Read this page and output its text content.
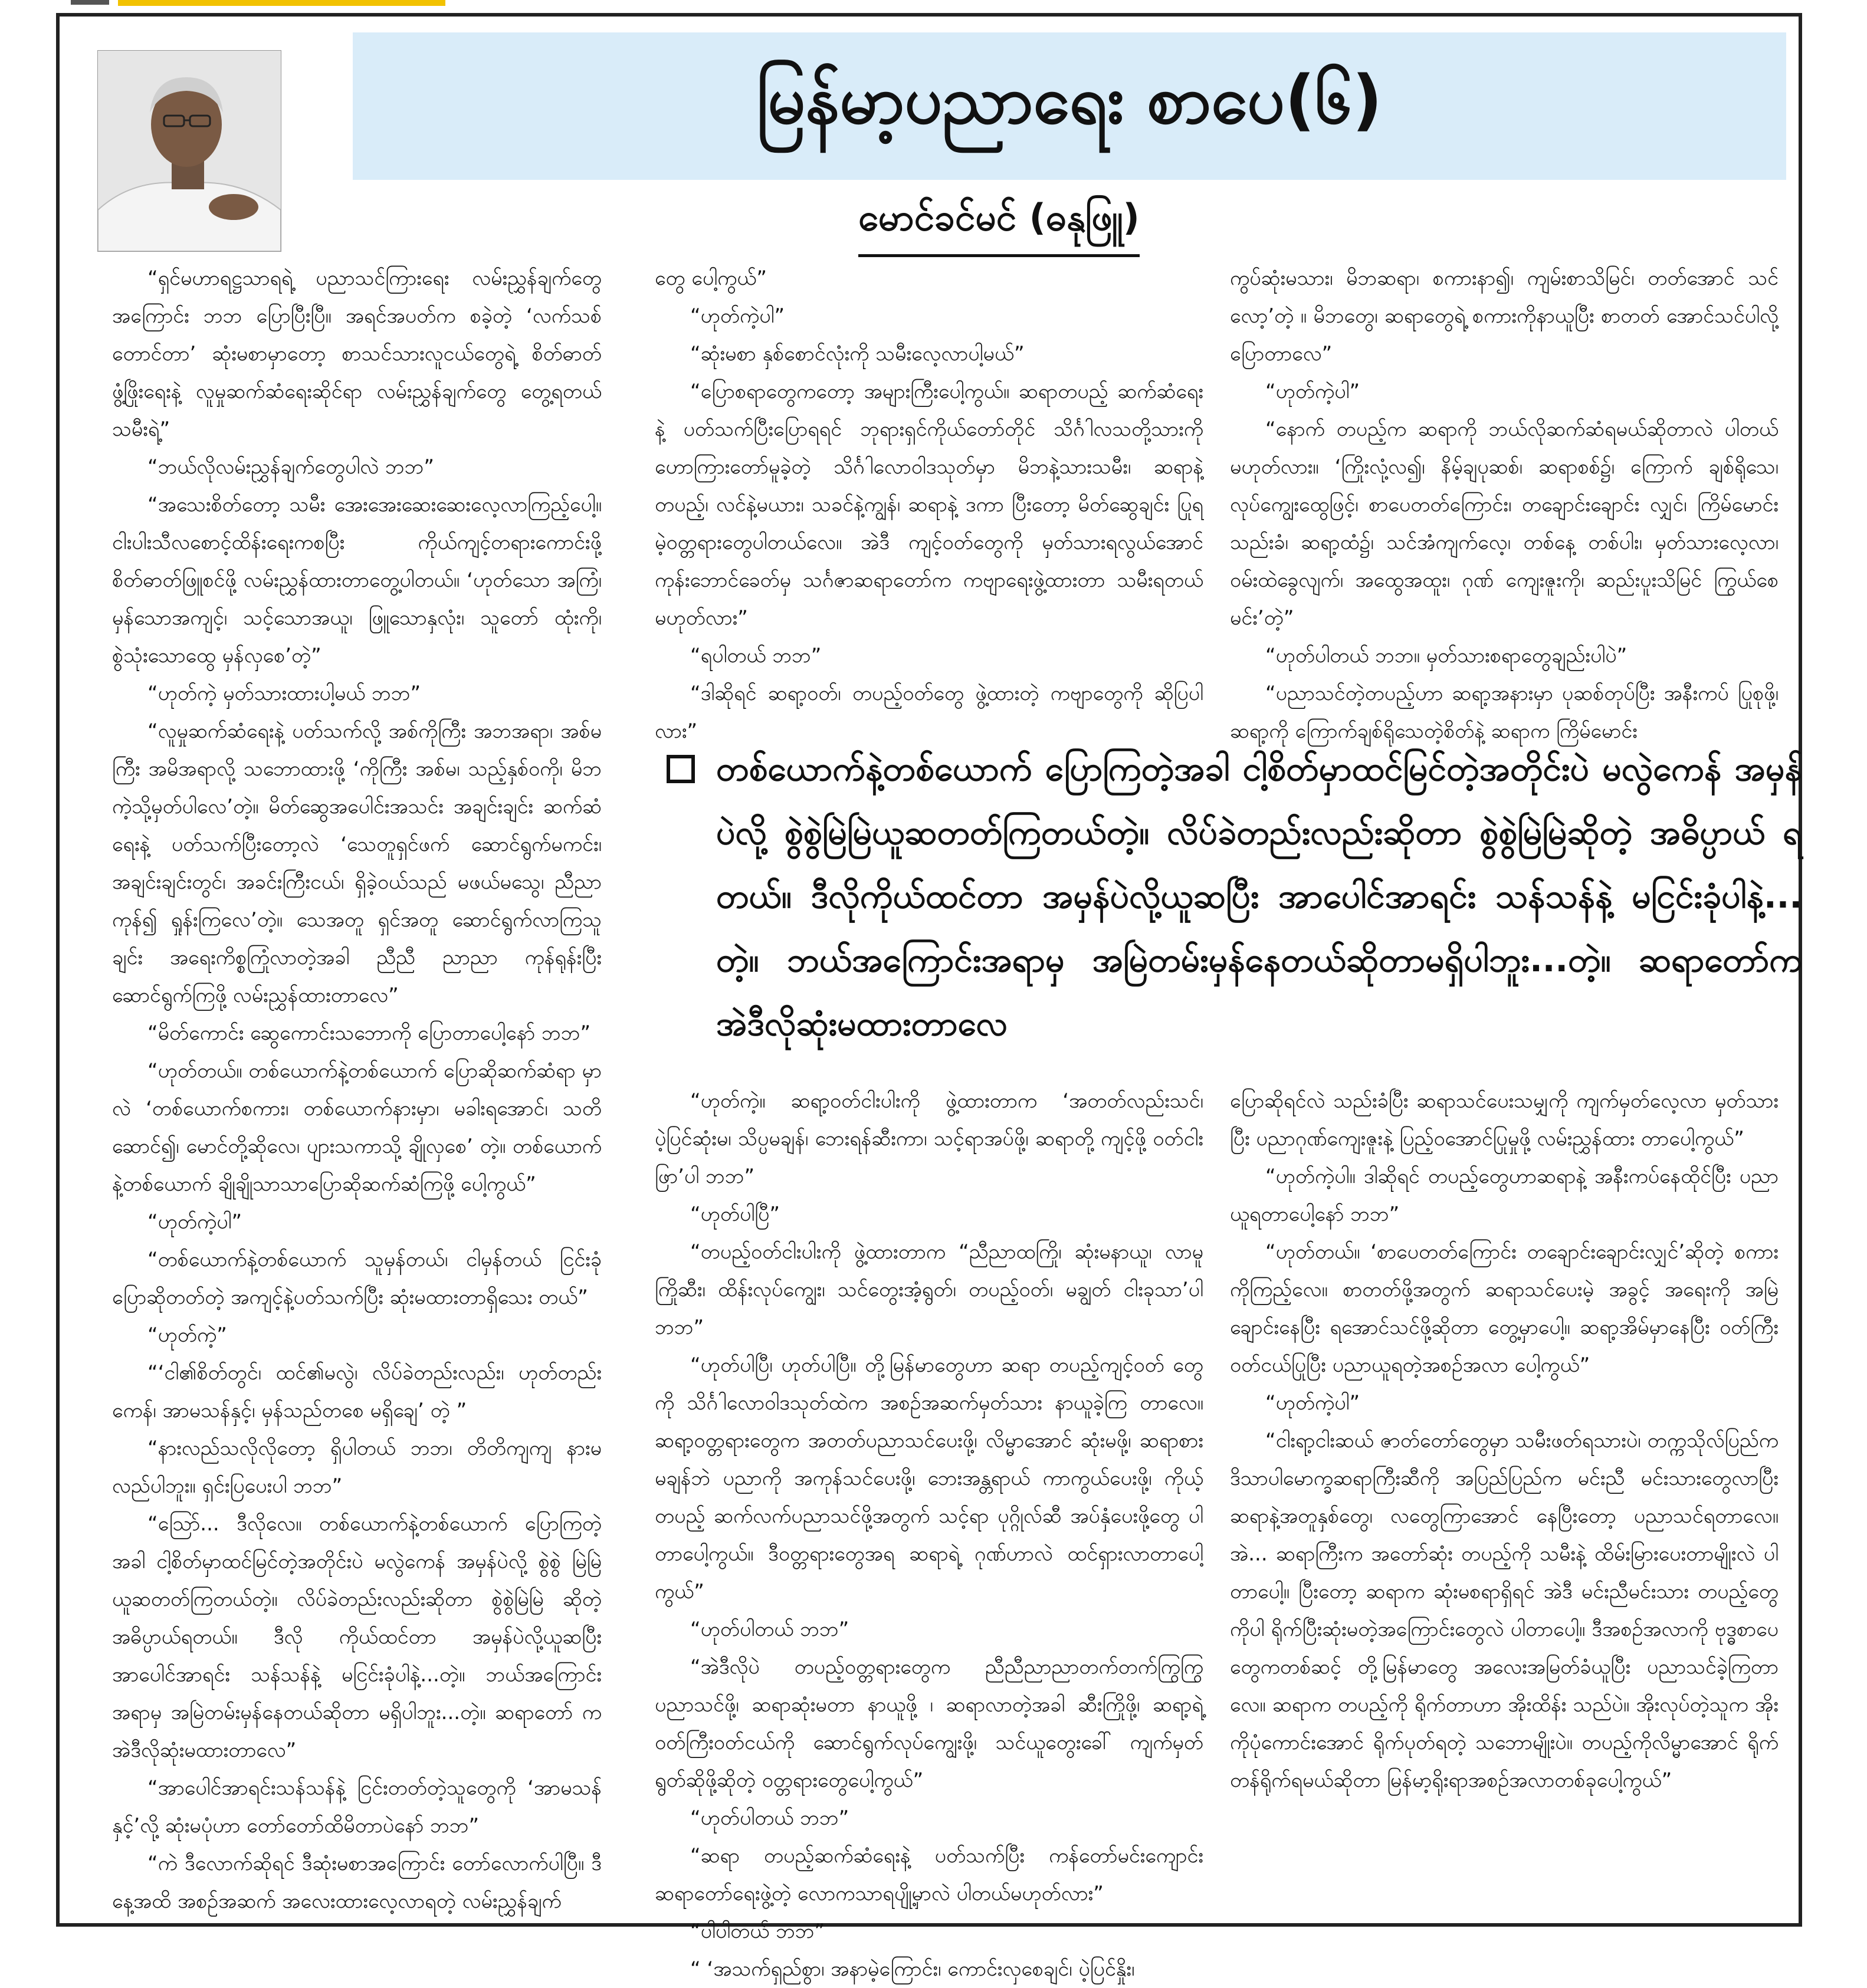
မြန်မာ့ပညာရေး စာပေ(၆)
မောင်ခင်မင် (ဓနုဖြူ)

“ရှင်မဟာရဋ္ဌသာရရဲ့ ပညာသင်ကြားရေး လမ်းညွှန်ချက်တွေ အကြောင်း ဘဘ ပြောပြီးပြီ။ အရင်အပတ်က စခဲ့တဲ့ ‘လက်သစ် တောင်တာ’ ဆုံးမစာမှာတော့ စာသင်သားလူငယ်တွေရဲ့ စိတ်ဓာတ်ဖွံ့ဖြိုးရေးနဲ့ လူမှုဆက်ဆံရေးဆိုင်ရာ လမ်းညွှန်ချက်တွေ တွေ့ရတယ် သမီးရဲ့”

“ဘယ်လိုလမ်းညွှန်ချက်တွေပါလဲ ဘဘ”

“အသေးစိတ်တော့ သမီး အေးအေးဆေးဆေးလေ့လာကြည့်ပေါ့။ ငါးပါးသီလစောင့်ထိန်းရေးကစပြီး ကိုယ်ကျင့်တရားကောင်းဖို့ စိတ်ဓာတ်ဖြူစင်ဖို့ လမ်းညွှန်ထားတာတွေ့ပါတယ်။ ‘ဟုတ်သော အကြံ၊ မှန်သောအကျင့်၊ သင့်သောအယူ၊ ဖြူသောနှလုံး၊ သူတော် ထုံးကို၊ စွဲသုံးသောထွေ မှန်လှစေ’တဲ့”

“ဟုတ်ကဲ့ မှတ်သားထားပါ့မယ် ဘဘ”

“လူမှုဆက်ဆံရေးနဲ့ ပတ်သက်လို့ အစ်ကိုကြီး အဘအရာ၊ အစ်မကြီး အမိအရာလို့ သဘောထားဖို့ ‘ကိုကြီး အစ်မ၊ သည့်နှစ်ဝကို၊ မိဘကဲ့သို့မှတ်ပါလေ’တဲ့။ မိတ်ဆွေအပေါင်းအသင်း အချင်းချင်း ဆက်ဆံရေးနဲ့ ပတ်သက်ပြီးတော့လဲ ‘သေတူရှင်ဖက် ဆောင်ရွက်မကင်း၊ အချင်းချင်းတွင်၊ အခင်းကြီးငယ်၊ ရှိခဲ့ဝယ်သည် မဖယ်မသွေ၊ ညီညာကုန်၍ ရှုန်းကြလေ’တဲ့။ သေအတူ ရှင်အတူ ဆောင်ရွက်လာကြသူချင်း အရေးကိစ္စကြုံလာတဲ့အခါ ညီညီ ညာညာ ကုန်ရုန်းပြီး ဆောင်ရွက်ကြဖို့ လမ်းညွှန်ထားတာလေ”

“မိတ်ကောင်း ဆွေကောင်းသဘောကို ပြောတာပေါ့နော် ဘဘ”

“ဟုတ်တယ်။ တစ်ယောက်နဲ့တစ်ယောက် ပြောဆိုဆက်ဆံရာ မှာလဲ ‘တစ်ယောက်စကား၊ တစ်ယောက်နားမှာ၊ မခါးရအောင်၊ သတိဆောင်၍၊ မောင်တို့ဆိုလေ၊ ပျားသကာသို့ ချိုလှစေ’ တဲ့။ တစ်ယောက်နဲ့တစ်ယောက် ချိုချိုသာသာပြောဆိုဆက်ဆံကြဖို့ ပေါ့ကွယ်”

“ဟုတ်ကဲ့ပါ”

“တစ်ယောက်နဲ့တစ်ယောက် သူမှန်တယ်၊ ငါမှန်တယ် ငြင်းခုံ ပြောဆိုတတ်တဲ့ အကျင့်နဲ့ပတ်သက်ပြီး ဆုံးမထားတာရှိသေး တယ်”

“ဟုတ်ကဲ့”

“‘ငါ၏စိတ်တွင်၊ ထင်၏မလွဲ၊ လိပ်ခဲတည်းလည်း၊ ဟုတ်တည်း ကေန်၊ အာမသန်နှင့်၊ မှန်သည်တစေ မရှိချေ’ တဲ့ ”

“နားလည်သလိုလိုတော့ ရှိပါတယ် ဘဘ၊ တိတိကျကျ နားမလည်ပါဘူး။ ရှင်းပြပေးပါ ဘဘ”

“သြော်... ဒီလိုလေ။ တစ်ယောက်နဲ့တစ်ယောက် ပြောကြတဲ့ အခါ ငါ့စိတ်မှာထင်မြင်တဲ့အတိုင်းပဲ မလွဲကေန် အမှန်ပဲလို့ စွဲစွဲ မြဲမြဲယူဆတတ်ကြတယ်တဲ့။ လိပ်ခဲတည်းလည်းဆိုတာ စွဲစွဲမြဲမြဲ ဆိုတဲ့ အဓိပ္ပာယ်ရတယ်။ ဒီလို ကိုယ်ထင်တာ အမှန်ပဲလို့ယူဆပြီး အာပေါင်အာရင်း သန်သန်နဲ့ မငြင်းခုံပါနဲ့...တဲ့။ ဘယ်အကြောင်း အရာမှ အမြဲတမ်းမှန်နေတယ်ဆိုတာ မရှိပါဘူး...တဲ့။ ဆရာတော် က အဲဒီလိုဆုံးမထားတာလေ”

“အာပေါင်အာရင်းသန်သန်နဲ့ ငြင်းတတ်တဲ့သူတွေကို ‘အာမသန်နှင့်’လို့ ဆုံးမပုံဟာ တော်တော်ထိမိတာပဲနော် ဘဘ”

“ကဲ ဒီလောက်ဆိုရင် ဒီဆုံးမစာအကြောင်း တော်လောက်ပါပြီ။ ဒီနေ့အထိ အစဉ်အဆက် အလေးထားလေ့လာရတဲ့ လမ်းညွှန်ချက်

တွေ ပေါ့ကွယ်”

“ဟုတ်ကဲ့ပါ”

“ဆုံးမစာ နှစ်စောင်လုံးကို သမီးလေ့လာပါ့မယ်”

“ပြောစရာတွေကတော့ အများကြီးပေါ့ကွယ်။ ဆရာတပည့် ဆက်ဆံရေးနဲ့ ပတ်သက်ပြီးပြောရရင် ဘုရားရှင်ကိုယ်တော်တိုင် သိင်္ဂါလသတို့သားကို ဟောကြားတော်မူခဲ့တဲ့ သိင်္ဂါလောဝါဒသုတ်မှာ မိဘနဲ့သားသမီး၊ ဆရာနဲ့တပည့်၊ လင်နဲ့မယား၊ သခင်နဲ့ကျွန်၊ ဆရာနဲ့ ဒကာ ပြီးတော့ မိတ်ဆွေချင်း ပြုရမဲ့ဝတ္တရားတွေပါတယ်လေ။ အဲဒီ ကျင့်ဝတ်တွေကို မှတ်သားရလွယ်အောင် ကုန်းဘောင်ခေတ်မှ သင်္ဂဇာဆရာတော်က ကဗျာရေးဖွဲ့ထားတာ သမီးရတယ်မဟုတ်လား”

“ရပါတယ် ဘဘ”

“ဒါဆိုရင် ဆရာ့ဝတ်၊ တပည့်ဝတ်တွေ ဖွဲ့ထားတဲ့ ကဗျာတွေကို ဆိုပြပါလား”

ကွပ်ဆုံးမသား၊ မိဘဆရာ၊ စကားနာ၍၊ ကျမ်းစာသိမြင်၊ တတ်အောင် သင်လော့’တဲ့ ။ မိဘတွေ၊ ဆရာတွေရဲ့ စကားကိုနာယူပြီး စာတတ် အောင်သင်ပါလို့ ပြောတာလေ”

“ဟုတ်ကဲ့ပါ”

“နောက် တပည့်က ဆရာကို ဘယ်လိုဆက်ဆံရမယ်ဆိုတာလဲ ပါတယ်မဟုတ်လား။ ‘ကြိုးလုံ့လ၍၊ နိမ့်ချပုဆစ်၊ ဆရာစစ်၌၊ ကြောက် ချစ်ရိုသေ၊ လုပ်ကျွေးထွေဖြင့်၊ စာပေတတ်ကြောင်း၊ တချောင်းချောင်း လျှင်၊ ကြိမ်မောင်းသည်းခံ၊ ဆရာ့ထံ၌၊ သင်အံကျက်လေ့၊ တစ်နေ့ တစ်ပါး၊ မှတ်သားလေ့လာ၊ ဝမ်းထဲခွေလျက်၊ အထွေအထူး၊ ဂုဏ် ကျေးဇူးကို၊ ဆည်းပူးသိမြင် ကြွယ်စေမင်း’တဲ့”

“ဟုတ်ပါတယ် ဘဘ။ မှတ်သားစရာတွေချည်းပါပဲ”

“ပညာသင်တဲ့တပည့်ဟာ ဆရာ့အနားမှာ ပုဆစ်တုပ်ပြီး အနီးကပ် ပြုစုဖို့၊ ဆရာ့ကို ကြောက်ချစ်ရိုသေတဲ့စိတ်နဲ့ ဆရာက ကြိမ်မောင်း

တစ်ယောက်နဲ့တစ်ယောက် ပြောကြတဲ့အခါ ငါ့စိတ်မှာထင်မြင်တဲ့အတိုင်းပဲ မလွဲကေန် အမှန်ပဲလို့ စွဲစွဲမြဲမြဲယူဆတတ်ကြတယ်တဲ့။ လိပ်ခဲတည်းလည်းဆိုတာ စွဲစွဲမြဲမြဲဆိုတဲ့ အဓိပ္ပာယ် ရတယ်။ ဒီလိုကိုယ်ထင်တာ အမှန်ပဲလို့ယူဆပြီး အာပေါင်အာရင်း သန်သန်နဲ့ မငြင်းခုံပါနဲ့... တဲ့။ ဘယ်အကြောင်းအရာမှ အမြဲတမ်းမှန်နေတယ်ဆိုတာမရှိပါဘူး...တဲ့။ ဆရာတော်က အဲဒီလိုဆုံးမထားတာလေ

“ဟုတ်ကဲ့။ ဆရာ့ဝတ်ငါးပါးကို ဖွဲ့ထားတာက ‘အတတ်လည်းသင်၊ ပဲ့ပြင်ဆုံးမ၊ သိပ္ပမချန်၊ ဘေးရန်ဆီးကာ၊ သင့်ရာအပ်ဖို့၊ ဆရာတို့ ကျင့်ဖို့ ဝတ်ငါးဖြာ’ပါ ဘဘ”

“ဟုတ်ပါပြီ”

“တပည့်ဝတ်ငါးပါးကို ဖွဲ့ထားတာက “ညီညာထကြို၊ ဆုံးမနာယူ၊ လာမူကြိုဆီး၊ ထိန်းလုပ်ကျွေး၊ သင်တွေးအံ့ရွတ်၊ တပည့်ဝတ်၊ မချွတ် ငါးခုသာ’ပါ ဘဘ”

“ဟုတ်ပါပြီ၊ ဟုတ်ပါပြီ။ တို့မြန်မာတွေဟာ ဆရာ တပည့်ကျင့်ဝတ် တွေကို သိင်္ဂါလောဝါဒသုတ်ထဲက အစဉ်အဆက်မှတ်သား နာယူခဲ့ကြ တာလေ။ ဆရာ့ဝတ္တရားတွေက အတတ်ပညာသင်ပေးဖို့၊ လိမ္မာအောင် ဆုံးမဖို့၊ ဆရာစားမချန်ဘဲ ပညာကို အကုန်သင်ပေးဖို့၊ ဘေးအန္တရာယ် ကာကွယ်ပေးဖို့၊ ကိုယ့်တပည့် ဆက်လက်ပညာသင်ဖို့အတွက် သင့်ရာ ပုဂ္ဂိုလ်ဆီ အပ်နှံပေးဖို့တွေ ပါတာပေါ့ကွယ်။ ဒီဝတ္တရားတွေအရ ဆရာရဲ့ ဂုဏ်ဟာလဲ ထင်ရှားလာတာပေါ့ကွယ်”

“ဟုတ်ပါတယ် ဘဘ”

“အဲဒီလိုပဲ တပည့်ဝတ္တရားတွေက ညီညီညာညာတက်တက်ကြွကြွ ပညာသင်ဖို့၊ ဆရာဆုံးမတာ နာယူဖို့ ၊ ဆရာလာတဲ့အခါ ဆီးကြိုဖို့၊ ဆရာ့ရဲ့ဝတ်ကြီးဝတ်ငယ်ကို ဆောင်ရွက်လုပ်ကျွေးဖို့၊ သင်ယူတွေးခေါ် ကျက်မှတ် ရွတ်ဆိုဖို့ဆိုတဲ့ ဝတ္တရားတွေပေါ့ကွယ်”

“ဟုတ်ပါတယ် ဘဘ”

“ဆရာ တပည့်ဆက်ဆံရေးနဲ့ ပတ်သက်ပြီး ကန်တော်မင်းကျောင်း ဆရာတော်ရေးဖွဲ့တဲ့ လောကသာရပျို့မှာလဲ ပါတယ်မဟုတ်လား”

“ပါပါတယ် ဘဘ”

“ ‘အသက်ရှည်စွာ၊ အနာမဲ့ကြောင်း၊ ကောင်းလှစေချင်၊ ပဲ့ပြင်နှိုး၊

ပြောဆိုရင်လဲ သည်းခံပြီး ဆရာသင်ပေးသမျှကို ကျက်မှတ်လေ့လာ မှတ်သားပြီး ပညာဂုဏ်ကျေးဇူးနဲ့ ပြည့်ဝအောင်ပြုမှုဖို့ လမ်းညွှန်ထား တာပေါ့ကွယ်”

“ဟုတ်ကဲ့ပါ။ ဒါဆိုရင် တပည့်တွေဟာဆရာနဲ့ အနီးကပ်နေထိုင်ပြီး ပညာယူရတာပေါ့နော် ဘဘ”

“ဟုတ်တယ်။ ‘စာပေတတ်ကြောင်း တချောင်းချောင်းလျှင်’ဆိုတဲ့ စကားကိုကြည့်လေ။ စာတတ်ဖို့အတွက် ဆရာသင်ပေးမဲ့ အခွင့် အရေးကို အမြဲချောင်းနေပြီး ရအောင်သင်ဖို့ဆိုတာ တွေ့မှာပေါ့။ ဆရာ့အိမ်မှာနေပြီး ဝတ်ကြီး ဝတ်ငယ်ပြုပြီး ပညာယူရတဲ့အစဉ်အလာ ပေါ့ကွယ်”

“ဟုတ်ကဲ့ပါ”

“ငါးရာ့ငါးဆယ် ဇာတ်တော်တွေမှာ သမီးဖတ်ရသားပဲ၊ တက္ကသိုလ်ပြည်က ဒိသာပါမောက္ခဆရာကြီးဆီကို အပြည်ပြည်က မင်းညီ မင်းသားတွေလာပြီး ဆရာနဲ့အတူနှစ်တွေ၊ လတွေကြာအောင် နေပြီးတော့ ပညာသင်ရတာလေ။ အဲ... ဆရာကြီးက အတော်ဆုံး တပည့်ကို သမီးနဲ့ ထိမ်းမြားပေးတာမျိုးလဲ ပါတာပေါ့။ ပြီးတော့ ဆရာက ဆုံးမစရာရှိရင် အဲဒီ မင်းညီမင်းသား တပည့်တွေကိုပါ ရိုက်ပြီးဆုံးမတဲ့အကြောင်းတွေလဲ ပါတာပေါ့။ ဒီအစဉ်အလာကို ဗုဒ္ဓစာပေတွေကတစ်ဆင့် တို့မြန်မာတွေ အလေးအမြတ်ခံယူပြီး ပညာသင်ခဲ့ကြတာလေ။ ဆရာက တပည့်ကို ရိုက်တာဟာ အိုးထိန်း သည်ပဲ။ အိုးလုပ်တဲ့သူက အိုးကိုပုံကောင်းအောင် ရိုက်ပုတ်ရတဲ့ သဘောမျိုးပဲ။ တပည့်ကိုလိမ္မာအောင် ရိုက်တန်ရိုက်ရမယ်ဆိုတာ မြန်မာ့ရိုးရာအစဉ်အလာတစ်ခုပေါ့ကွယ်”
